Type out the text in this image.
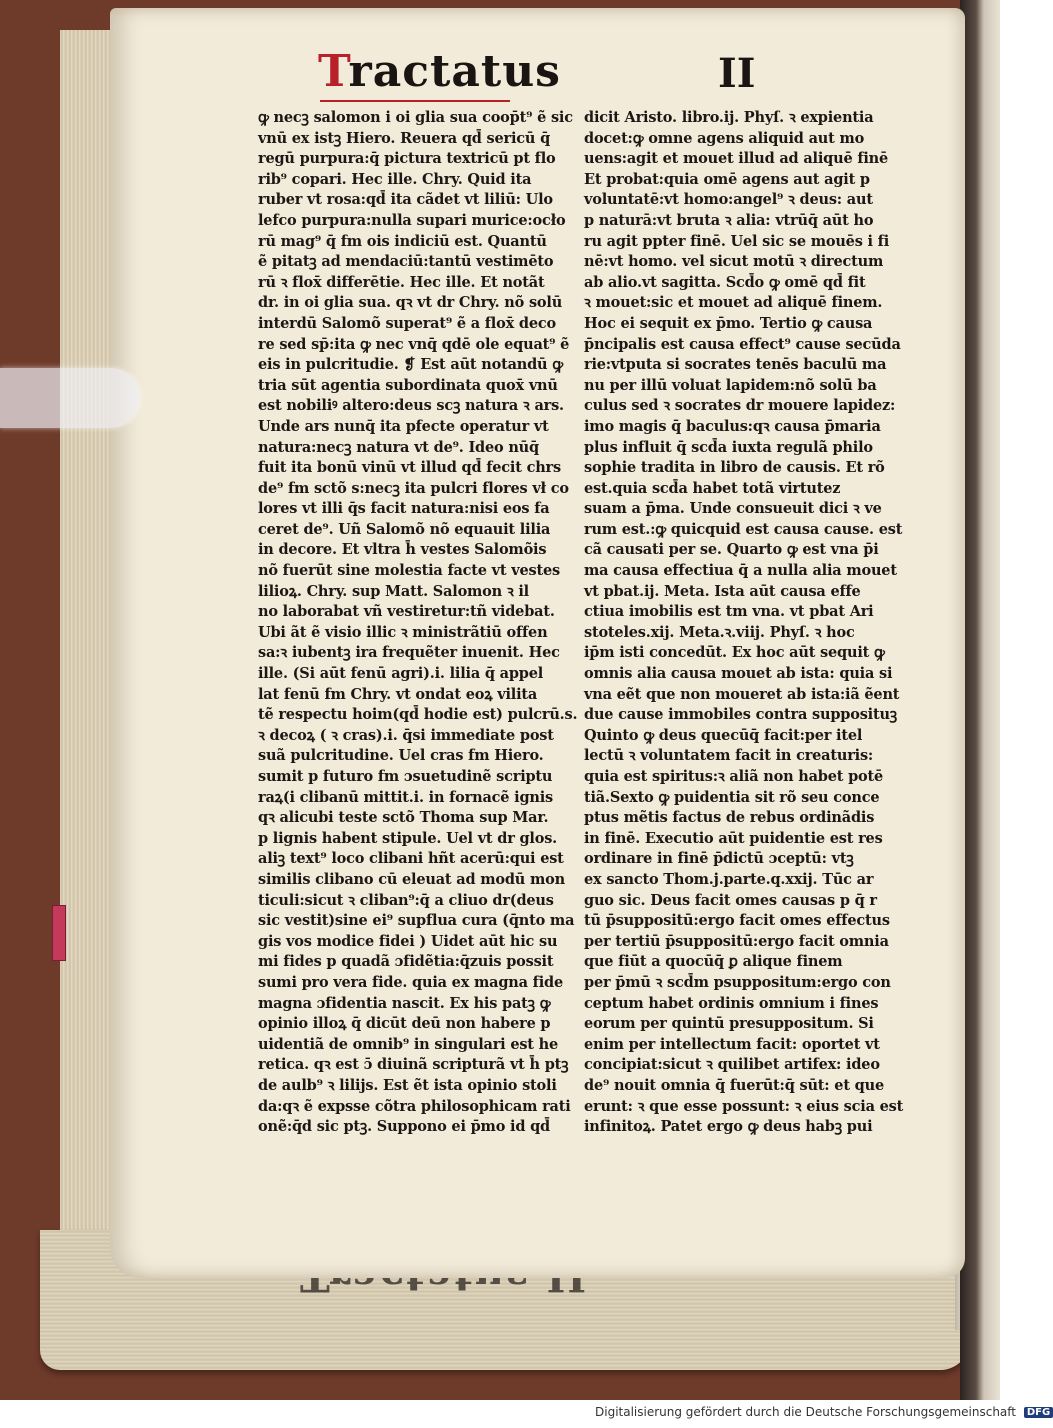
Tractatus	II
ꝙ necꝫ salomon i oi glia sua coop̄t⁹ ẽ sic
vnū ex istꝫ Hiero. Reuera qd̄ sericū q̄
regū purpura:q̄ pictura textricū pt flo
rib⁹ copari. Hec ille. Chry. Quid ita
ruber vt rosa:qd̄ ita cãdet vt liliū: Ulo
lefco purpura:nulla supari murice:ocło
rū mag⁹ q̄ fm ois indiciū est. Quantū
ẽ pitatꝫ ad mendaciū:tantū vestimēto
rū ꝛ flox̄ differētie. Hec ille. Et notãt
dr. in oi glia sua. qꝛ vt dr Chry. nõ solū
interdū Salomõ superat⁹ ẽ a flox̄ deco
re sed sp̄:ita ꝙ nec vnq̄ qdē ole equat⁹ ẽ
eis in pulcritudie. ❡ Est aūt notandū ꝙ
tria sūt agentia subordinata quox̄ vnū
est nobiliꝰ altero:deus scꝫ natura ꝛ ars.
Unde ars nunq̄ ita pfecte operatur vt
natura:necꝫ natura vt de⁹. Ideo nūq̄
fuit ita bonū vinū vt illud qd̄ fecit chrs
de⁹ fm sctõ s:necꝫ ita pulcri flores vł co
lores vt illi q̄s facit natura:nisi eos fa
ceret de⁹. Uñ Salomõ nõ equauit lilia
in decore. Et vltra h̄ vestes Salomõis
nõ fuerūt sine molestia facte vt vestes
lilioꝝ. Chry. sup Matt. Salomon ꝛ il
no laborabat vñ vestiretur:tñ videbat.
Ubi ãt ẽ visio illic ꝛ ministrãtiū offen
sa:ꝛ iubentꝫ ira frequẽter inuenit. Hec
ille. (Si aūt fenū agri).i. lilia q̄ appel
lat fenū fm Chry. vt ondat eoꝝ vilita
tẽ respectu hoim(qd̄ hodie est) pulcrū.s.
ꝛ decoꝝ ( ꝛ cras).i. q̄si immediate post
suã pulcritudine. Uel cras fm Hiero.
sumit p futuro fm ɔsuetudinẽ scriptu
raꝝ(i clibanū mittit.i. in fornacẽ ignis
qꝛ alicubi teste sctõ Thoma sup Mar.
p lignis habent stipule. Uel vt dr glos.
aliꝫ text⁹ loco clibani hñt acerū:qui est
similis clibano cū eleuat ad modū mon
ticuli:sicut ꝛ cliban⁹:q̄ a cliuo dr(deus
sic vestit)sine ei⁹ supflua cura (q̄nto ma
gis vos modice fidei ) Uidet aūt hic su
mi fides p quadã ɔfidẽtia:q̄zuis possit
sumi pro vera fide. quia ex magna fide
magna ɔfidentia nascit. Ex his patꝫ ꝙ
opinio illoꝝ q̄ dicūt deū non habere p
uidentiã de omnib⁹ in singulari est he
retica. qꝛ est ɔ̄ diuinã scripturã vt h̄ ptꝫ
de aulb⁹ ꝛ lilijs. Est ẽt ista opinio stoli
da:qꝛ ẽ expsse cõtra philosophicam rati
onẽ:q̄d sic ptꝫ. Suppono ei p̄mo id qd̄
dicit Aristo. libro.ij. Phyſ. ꝛ expientia
docet:ꝙ omne agens aliquid aut mo
uens:agit et mouet illud ad aliquē finē
Et probat:quia omē agens aut agit p
voluntatē:vt homo:angel⁹ ꝛ deus: aut
p naturā:vt bruta ꝛ alia: vtrūq̄ aūt ho
ru agit ppter finē. Uel sic se mouēs i fi
nē:vt homo. vel sicut motū ꝛ directum
ab alio.vt sagitta. Scd̄o ꝙ omē qd̄ fit
ꝛ mouet:sic et mouet ad aliquē finem.
Hoc ei sequit ex p̄mo. Tertio ꝙ causa
p̄ncipalis est causa effect⁹ cause secūda
rie:vtputa si socrates tenēs baculū ma
nu per illū voluat lapidem:nõ solū ba
culus sed ꝛ socrates dr mouere lapidez:
imo magis q̄ baculus:qꝛ causa p̄maria
plus influit q̄ scd̄a iuxta regulã philo
sophie tradita in libro de causis. Et rõ
est.quia scd̄a habet totã virtutez
suam a p̄ma. Unde consueuit dici ꝛ ve
rum est.:ꝙ quicquid est causa cause. est
cã causati per se. Quarto ꝙ est vna p̄i
ma causa effectiua q̄ a nulla alia mouet
vt pbat.ij. Meta. Ista aūt causa effe
ctiua imobilis est tm vna. vt pbat Ari
stoteles.xij. Meta.ꝛ.viij. Phyſ. ꝛ hoc
ip̄m isti concedūt. Ex hoc aūt sequit ꝙ
omnis alia causa mouet ab ista: quia si
vna eẽt que non moueret ab ista:iã ẽent
due cause immobiles contra supposituꝫ
Quinto ꝙ deus quecūq̄ facit:per itel
lectū ꝛ voluntatem facit in creaturis:
quia est spiritus:ꝛ aliã non habet potē
tiã.Sexto ꝙ puidentia sit rõ seu conce
ptus mẽtis factus de rebus ordinãdis
in finē. Executio aūt puidentie est res
ordinare in finē p̄dictū ɔceptū: vtꝫ
ex sancto Thom.j.parte.q.xxij. Tūc ar
guo sic. Deus facit omes causas p q̄ r
tū p̄suppositū:ergo facit omes effectus
per tertiū p̄suppositū:ergo facit omnia
que fiūt a quocūq̄ ꝑ alique finem
per p̄mū ꝛ scd̄m psuppositum:ergo con
ceptum habet ordinis omnium i fines
eorum per quintū presuppositum. Si
enim per intellectum facit: oportet vt
concipiat:sicut ꝛ quilibet artifex: ideo
de⁹ nouit omnia q̄ fuerūt:q̄ sūt: et que
erunt: ꝛ que esse possunt: ꝛ eius scia est
infinitoꝝ. Patet ergo ꝙ deus habꝫ pui
Digitalisierung gefördert durch die Deutsche Forschungsgemeinschaft DFG
